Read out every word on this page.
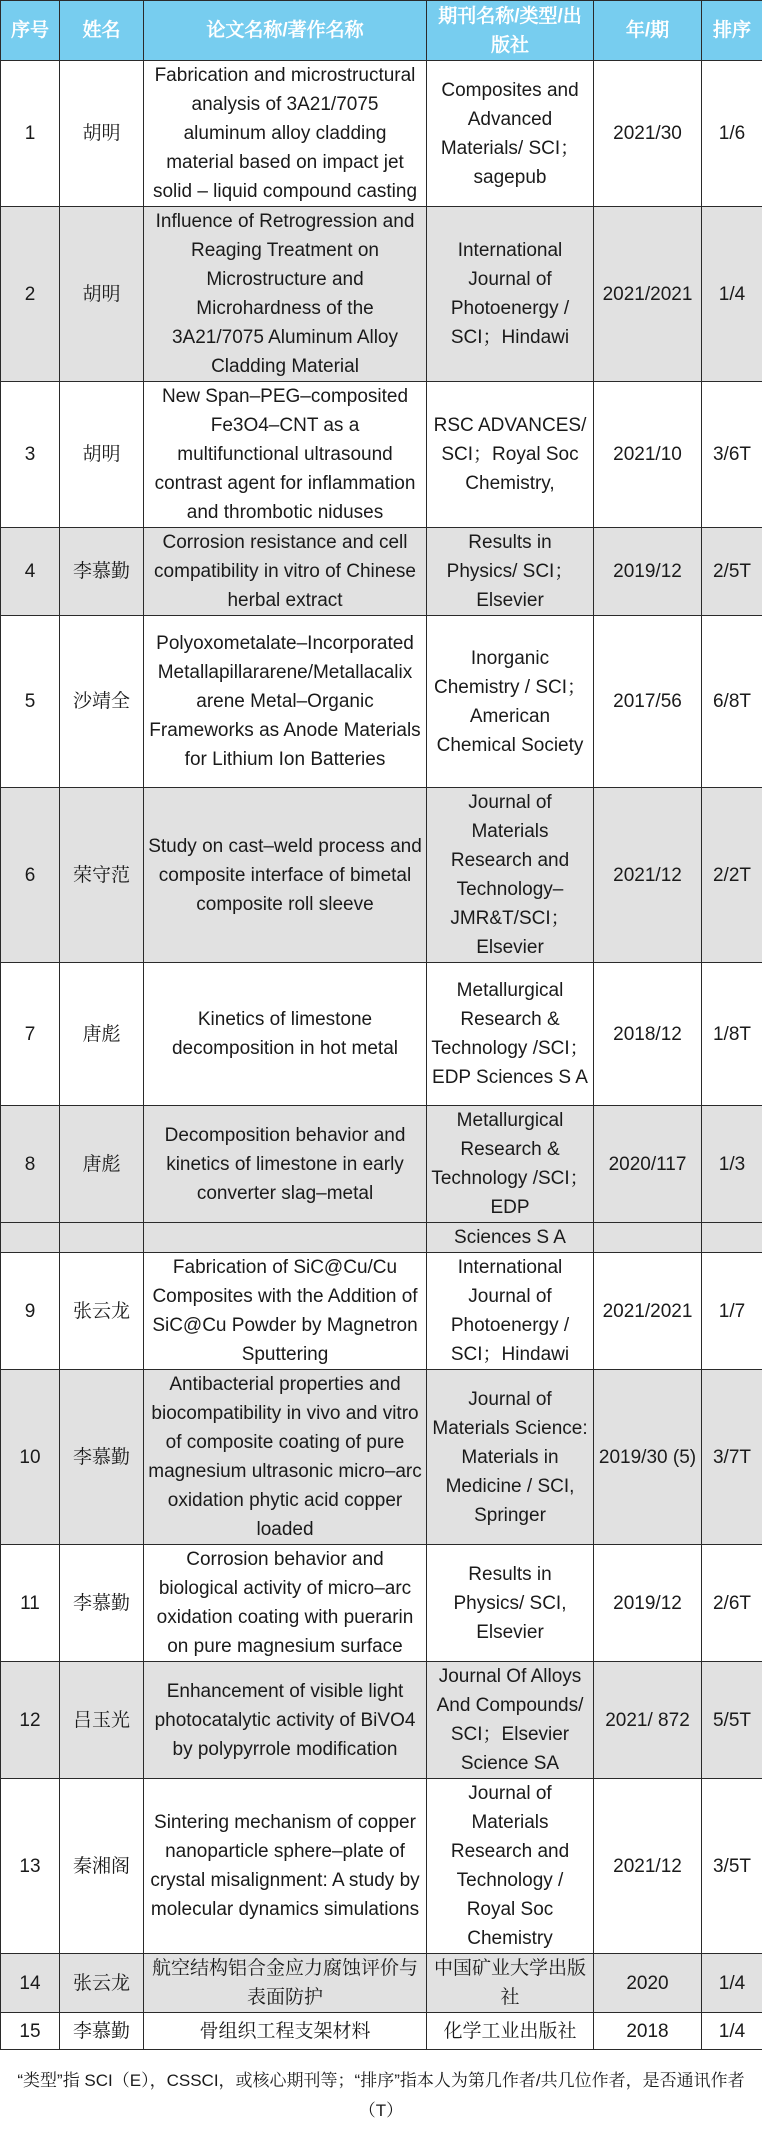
序号	姓名	论文名称/著作名称	期刊名称/类型/出版社	年/期	排序
1	胡明	Fabrication and microstructural analysis of 3A21/7075 aluminum alloy cladding material based on impact jet solid – liquid compound casting	Composites and Advanced Materials/ SCI；sagepub	2021/30	1/6
2	胡明	Influence of Retrogression and Reaging Treatment on Microstructure and Microhardness of the 3A21/7075 Aluminum Alloy Cladding Material	International Journal of Photoenergy / SCI；Hindawi	2021/2021	1/4
3	胡明	New Span–PEG–composited Fe3O4–CNT as a multifunctional ultrasound contrast agent for inflammation and thrombotic niduses	RSC ADVANCES/ SCI；Royal Soc Chemistry,	2021/10	3/6T
4	李慕勤	Corrosion resistance and cell compatibility in vitro of Chinese herbal extract	Results in Physics/ SCI；Elsevier	2019/12	2/5T
5	沙靖全	Polyoxometalate–Incorporated Metallapillararene/Metallacalix arene Metal–Organic Frameworks as Anode Materials for Lithium Ion Batteries	Inorganic Chemistry / SCI；American Chemical Society	2017/56	6/8T
6	荣守范	Study on cast–weld process and composite interface of bimetal composite roll sleeve	Journal of Materials Research and Technology–JMR&T/SCI；Elsevier	2021/12	2/2T
7	唐彪	Kinetics of limestone decomposition in hot metal	Metallurgical Research & Technology /SCI；EDP Sciences S A	2018/12	1/8T
8	唐彪	Decomposition behavior and kinetics of limestone in early converter slag–metal	Metallurgical Research & Technology /SCI；EDP	2020/117	1/3
			Sciences S A		
9	张云龙	Fabrication of SiC@Cu/Cu Composites with the Addition of SiC@Cu Powder by Magnetron Sputtering	International Journal of Photoenergy / SCI；Hindawi	2021/2021	1/7
10	李慕勤	Antibacterial properties and biocompatibility in vivo and vitro of composite coating of pure magnesium ultrasonic micro–arc oxidation phytic acid copper loaded	Journal of Materials Science: Materials in Medicine / SCI, Springer	2019/30 (5)	3/7T
11	李慕勤	Corrosion behavior and biological activity of micro–arc oxidation coating with puerarin on pure magnesium surface	Results in Physics/ SCI, Elsevier	2019/12	2/6T
12	吕玉光	Enhancement of visible light photocatalytic activity of BiVO4 by polypyrrole modification	Journal Of Alloys And Compounds/ SCI；Elsevier Science SA	2021/ 872	5/5T
13	秦湘阁	Sintering mechanism of copper nanoparticle sphere–plate of crystal misalignment: A study by molecular dynamics simulations	Journal of Materials Research and Technology / Royal Soc Chemistry	2021/12	3/5T
14	张云龙	航空结构铝合金应力腐蚀评价与表面防护	中国矿业大学出版社	2020	1/4
15	李慕勤	骨组织工程支架材料	化学工业出版社	2018	1/4
“类型”指 SCI（E），CSSCI，或核心期刊等；“排序”指本人为第几作者/共几位作者，是否通讯作者（T）
